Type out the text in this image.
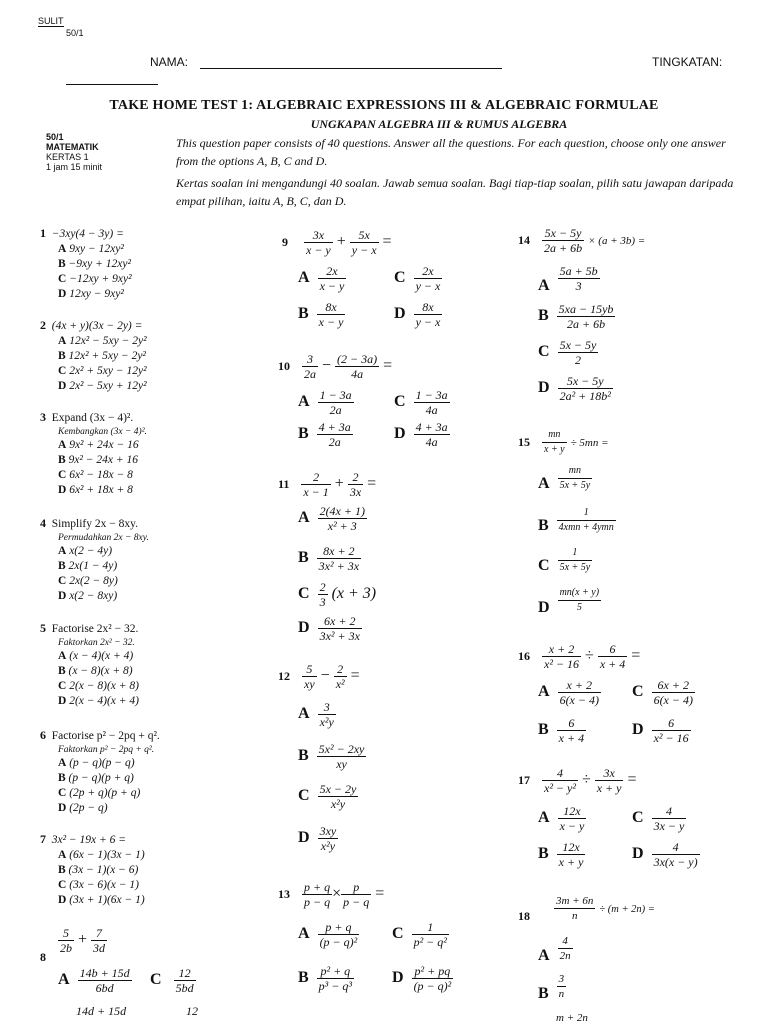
SULIT
50/1
NAMA:	TINGKATAN:
TAKE HOME TEST 1: ALGEBRAIC EXPRESSIONS III & ALGEBRAIC FORMULAE
UNGKAPAN ALGEBRA III & RUMUS ALGEBRA
50/1
MATEMATIK
KERTAS 1
1 jam 15 minit
This question paper consists of 40 questions. Answer all the questions. For each question, choose only one answer from the options A, B, C and D.
Kertas soalan ini mengandungi 40 soalan. Jawab semua soalan. Bagi tiap-tiap soalan, pilih satu jawapan daripada empat pilihan, iaitu A, B, C, dan D.
1 −3xy(4 − 3y) =
A 9xy − 12xy²
B −9xy + 12xy²
C −12xy + 9xy²
D 12xy − 9xy²
2 (4x + y)(3x − 2y) =
A 12x² − 5xy − 2y²
B 12x² + 5xy − 2y²
C 2x² + 5xy − 12y²
D 2x² − 5xy + 12y²
3 Expand (3x − 4)².
Kembangkan (3x − 4)².
A 9x² + 24x − 16
B 9x² − 24x + 16
C 6x² − 18x − 8
D 6x² + 18x + 8
4 Simplify 2x − 8xy.
Permudahkan 2x − 8xy.
A x(2 − 4y)
B 2x(1 − 4y)
C 2x(2 − 8y)
D x(2 − 8xy)
5 Factorise 2x² − 32.
Faktorkan 2x² − 32.
A (x − 4)(x + 4)
B (x − 8)(x + 8)
C 2(x − 8)(x + 8)
D 2(x − 4)(x + 4)
6 Factorise p² − 2pq + q².
Faktorkan p² − 2pq + q².
A (p − q)(p − q)
B (p − q)(p + q)
C (2p + q)(p + q)
D (2p − q)
7 3x² − 19x + 6 =
A (6x − 1)(3x − 1)
B (3x − 1)(x − 6)
C (3x − 6)(x − 1)
D (3x + 1)(6x − 1)
8
$\frac{5}{2b} + \frac{7}{3d}$
A $\frac{14b + 15d}{6bd}$ C $\frac{12}{5bd}$
14d + 15d	12
$9 \frac{3x}{x - y} + \frac{5x}{y - x}$ =
A $\frac{2x}{x - y}$	C $\frac{2x}{y - x}$
B $\frac{8x}{x - y}$	D $\frac{8x}{y - x}$
$10 \frac{3}{2a} - \frac{(2 - 3a)}{4a}$ =
A $\frac{1 - 3a}{2a}$	C $\frac{1 - 3a}{4a}$
B $\frac{4 + 3a}{2a}$	D $\frac{4 + 3a}{4a}$
$11 \frac{2}{x - 1} + \frac{2}{3x}$ =
A $\frac{2(4x + 1)}{\text{x² + 3}}$
B $\frac{8x + 2}{\text{3x² + 3x}}$
C $\frac{2}{3} (x + 3)$
D $\frac{6x + 2}{\text{3x² + 3x}}$
$12 \frac{5}{xy} - \frac{2}{\text{x²}}$ =
A $\frac{3}{\text{x²y}}$
B $\frac{\text{5x² − 2xy}}{xy}$
C $\frac{5x - 2y}{\text{x²y}}$
D $\frac{3xy}{\text{x²y}}$
$13 \frac{p + q}{p - q} \times \frac{p}{p - q}$ =
A $\frac{p + q}{\text{(p − q)²}}$ C $\frac{1}{\text{p² − q²}}$
B $\frac{\text{p² + q}}{\text{p³ − q³}}$ D $\frac{\text{p² + pq}}{\text{(p − q)²}}$
$14 \frac{5x - 5y}{2a + 6b} \times (a + 3b)$ =
A $\frac{5a + 5b}{3}$
B $\frac{5xa - 15yb}{2a + 6b}$
C $\frac{5x - 5y}{2}$
D $\frac{5x - 5y}{\text{2a² + 18b²}}$
$15 \frac{mn}{x + y} \div 5mn$ =
A $\frac{mn}{5x + 5y}$
B $\frac{1}{\text{4xmn + 4ymn}}$
C $\frac{1}{5x + 5y}$
D $\frac{mn(x + y)}{5}$
$16 \frac{x + 2}{\text{x² − 16}} \div \frac{6}{x + 4}$ =
A $\frac{x + 2}{6(x - 4)}$ C $\frac{6x + 2}{6(x - 4)}$
B $\frac{6}{x + 4}$	D $\frac{6}{\text{x² − 16}}$
$17 \frac{4}{\text{x² − y²}} \div \frac{3x}{x + y}$ =
A $\frac{12x}{x - y}$	C $\frac{4}{3x - y}$
B $\frac{12x}{x + y}$	D $\frac{4}{3x(x - y)}$
$_{18} \frac{3m + 6n}{n} \div (m + 2n)$ =
A $\frac{4}{2n}$
B $\frac{3}{n}$
m + 2n
